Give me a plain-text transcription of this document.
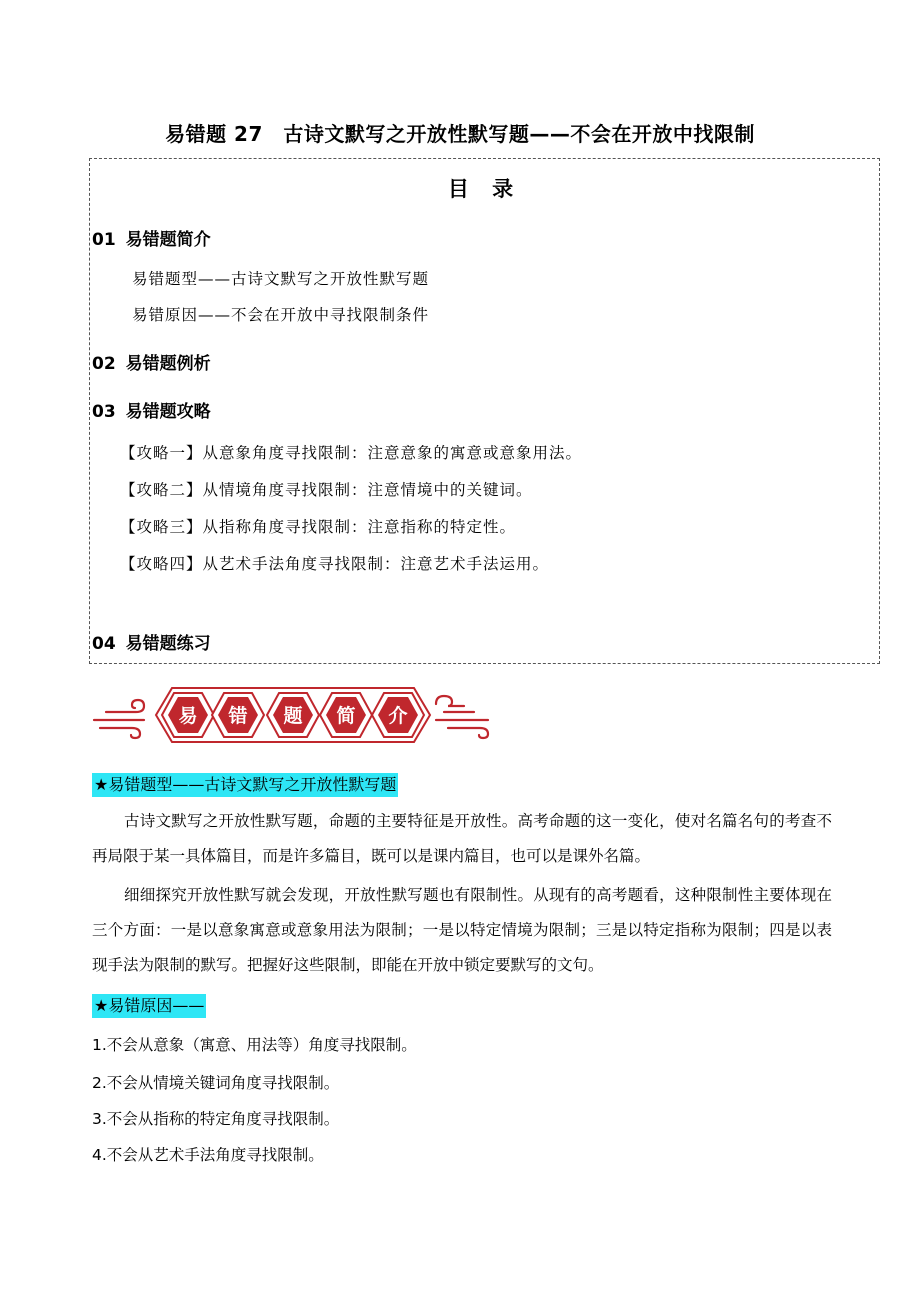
易错题 27　古诗文默写之开放性默写题——不会在开放中找限制
目 录
01 易错题简介
易错题型——古诗文默写之开放性默写题
易错原因——不会在开放中寻找限制条件
02 易错题例析
03 易错题攻略
【攻略一】从意象角度寻找限制：注意意象的寓意或意象用法。
【攻略二】从情境角度寻找限制：注意情境中的关键词。
【攻略三】从指称角度寻找限制：注意指称的特定性。
【攻略四】从艺术手法角度寻找限制：注意艺术手法运用。
04 易错题练习
易 错 题 简 介
★易错题型——古诗文默写之开放性默写题
古诗文默写之开放性默写题，命题的主要特征是开放性。高考命题的这一变化，使对名篇名句的考查不再局限于某一具体篇目，而是许多篇目，既可以是课内篇目，也可以是课外名篇。
细细探究开放性默写就会发现，开放性默写题也有限制性。从现有的高考题看，这种限制性主要体现在三个方面：一是以意象寓意或意象用法为限制；一是以特定情境为限制；三是以特定指称为限制；四是以表现手法为限制的默写。把握好这些限制，即能在开放中锁定要默写的文句。
★易错原因——
1.不会从意象（寓意、用法等）角度寻找限制。
2.不会从情境关键词角度寻找限制。
3.不会从指称的特定角度寻找限制。
4.不会从艺术手法角度寻找限制。
